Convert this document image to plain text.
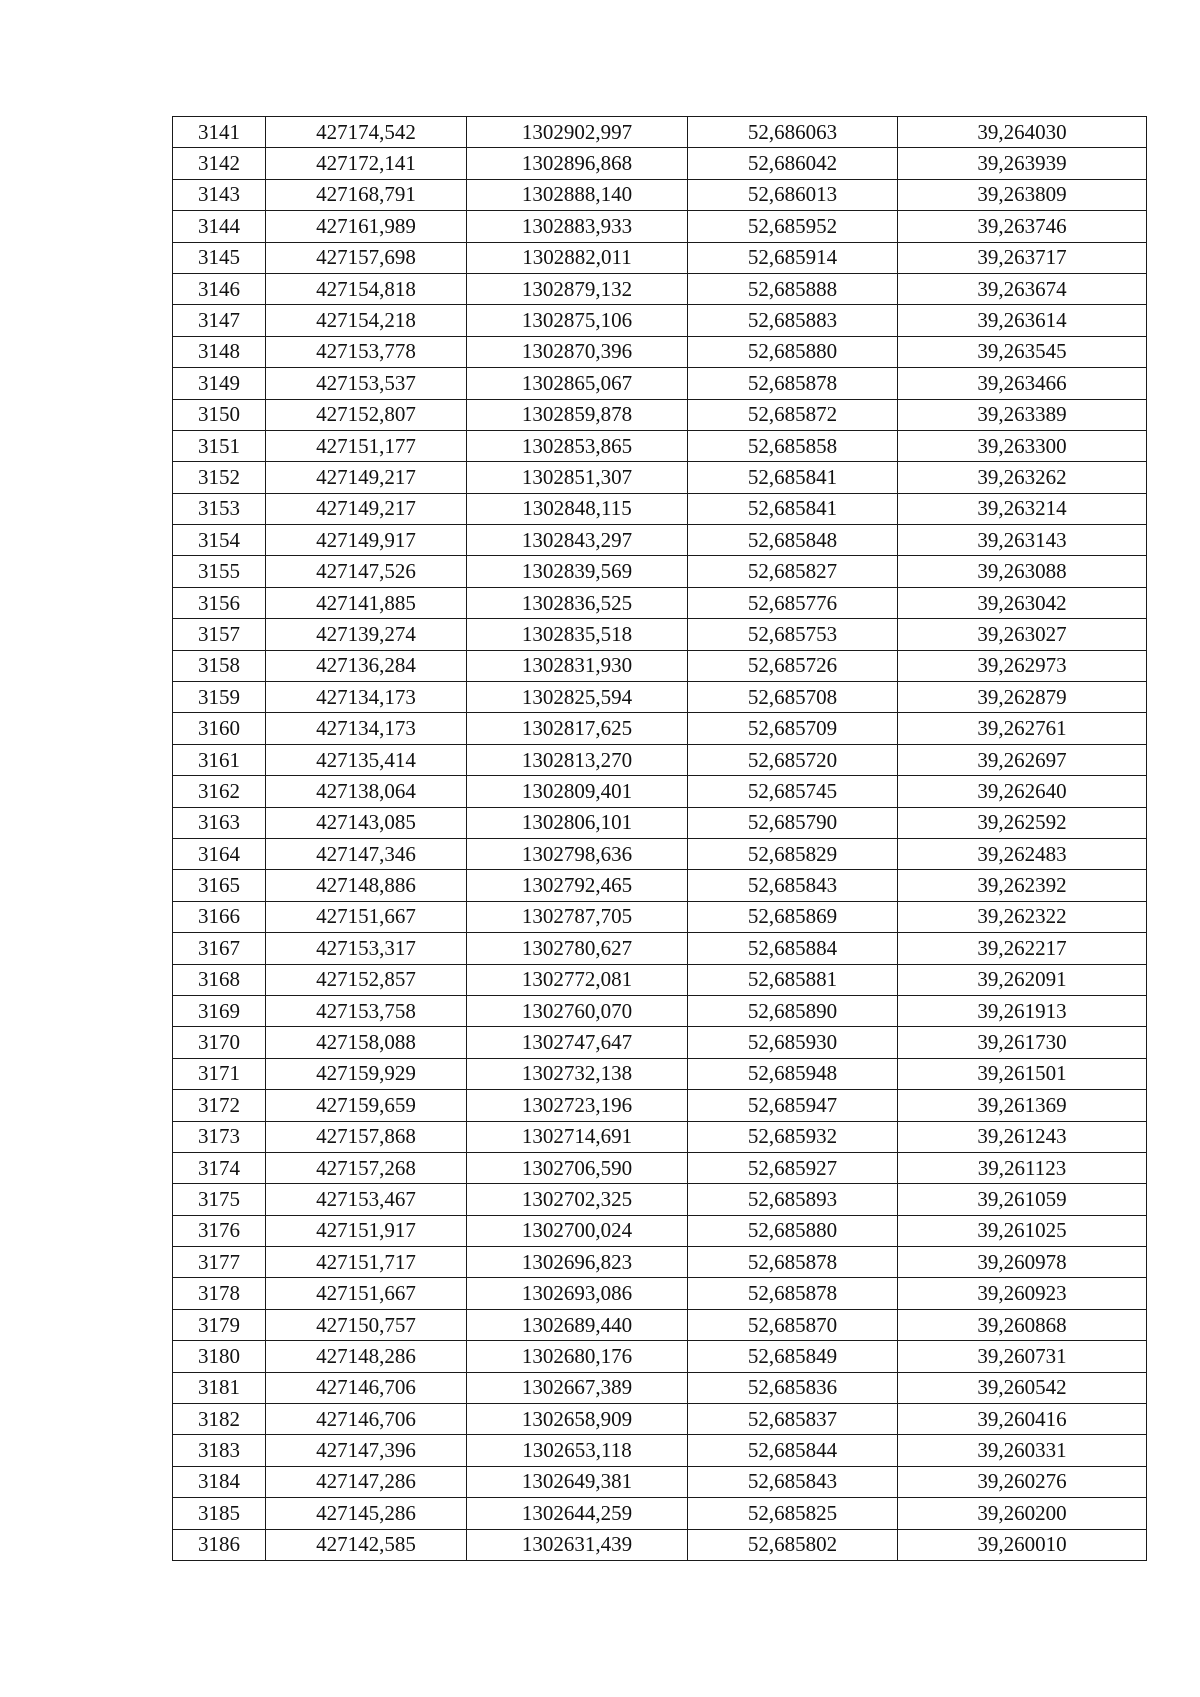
3141	427174,542	1302902,997	52,686063	39,264030
3142	427172,141	1302896,868	52,686042	39,263939
3143	427168,791	1302888,140	52,686013	39,263809
3144	427161,989	1302883,933	52,685952	39,263746
3145	427157,698	1302882,011	52,685914	39,263717
3146	427154,818	1302879,132	52,685888	39,263674
3147	427154,218	1302875,106	52,685883	39,263614
3148	427153,778	1302870,396	52,685880	39,263545
3149	427153,537	1302865,067	52,685878	39,263466
3150	427152,807	1302859,878	52,685872	39,263389
3151	427151,177	1302853,865	52,685858	39,263300
3152	427149,217	1302851,307	52,685841	39,263262
3153	427149,217	1302848,115	52,685841	39,263214
3154	427149,917	1302843,297	52,685848	39,263143
3155	427147,526	1302839,569	52,685827	39,263088
3156	427141,885	1302836,525	52,685776	39,263042
3157	427139,274	1302835,518	52,685753	39,263027
3158	427136,284	1302831,930	52,685726	39,262973
3159	427134,173	1302825,594	52,685708	39,262879
3160	427134,173	1302817,625	52,685709	39,262761
3161	427135,414	1302813,270	52,685720	39,262697
3162	427138,064	1302809,401	52,685745	39,262640
3163	427143,085	1302806,101	52,685790	39,262592
3164	427147,346	1302798,636	52,685829	39,262483
3165	427148,886	1302792,465	52,685843	39,262392
3166	427151,667	1302787,705	52,685869	39,262322
3167	427153,317	1302780,627	52,685884	39,262217
3168	427152,857	1302772,081	52,685881	39,262091
3169	427153,758	1302760,070	52,685890	39,261913
3170	427158,088	1302747,647	52,685930	39,261730
3171	427159,929	1302732,138	52,685948	39,261501
3172	427159,659	1302723,196	52,685947	39,261369
3173	427157,868	1302714,691	52,685932	39,261243
3174	427157,268	1302706,590	52,685927	39,261123
3175	427153,467	1302702,325	52,685893	39,261059
3176	427151,917	1302700,024	52,685880	39,261025
3177	427151,717	1302696,823	52,685878	39,260978
3178	427151,667	1302693,086	52,685878	39,260923
3179	427150,757	1302689,440	52,685870	39,260868
3180	427148,286	1302680,176	52,685849	39,260731
3181	427146,706	1302667,389	52,685836	39,260542
3182	427146,706	1302658,909	52,685837	39,260416
3183	427147,396	1302653,118	52,685844	39,260331
3184	427147,286	1302649,381	52,685843	39,260276
3185	427145,286	1302644,259	52,685825	39,260200
3186	427142,585	1302631,439	52,685802	39,260010
